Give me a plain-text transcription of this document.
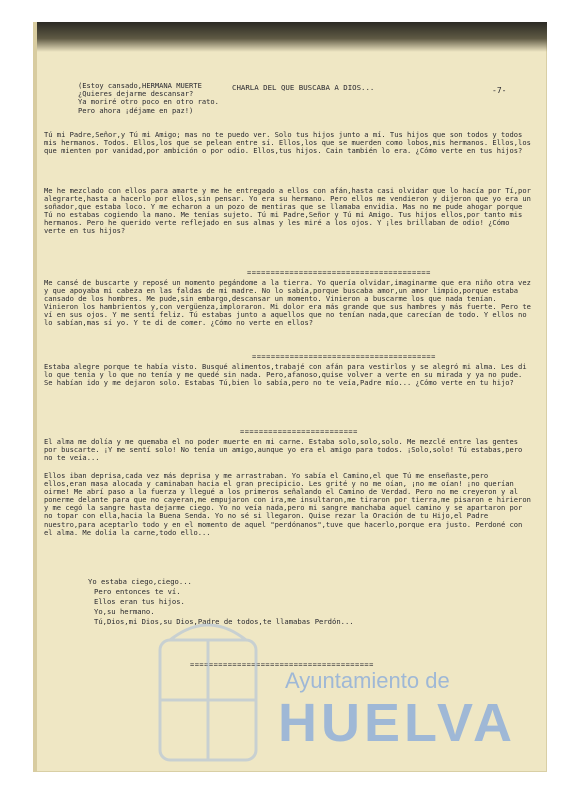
CHARLA DEL QUE BUSCABA A DIOS...	-7-
(Estoy cansado,HERMANA MUERTE
¿Quieres dejarme descansar?
Ya moriré otro poco en otro rato.
Pero ahora ¡déjame en paz!)
Tú mi Padre,Señor,y Tú mi Amigo; mas no te puedo ver. Solo tus hijos junto a mí. Tus hijos que son todos y todos mis hermanos. Todos. Ellos,los que se pelean entre sí. Ellos,los que se muerden como lobos,mis hermanos. Ellos,los que mienten por vanidad,por ambición o por odio. Ellos,tus hijos. Cain también lo era. ¿Cómo verte en tus hijos?
Me he mezclado con ellos para amarte y me he entregado a ellos con afán,hasta casi olvidar que lo hacía por Tí,por alegrarte,hasta a hacerlo por ellos,sin pensar. Yo era su hermano. Pero ellos me vendieron y dijeron que yo era un soñador,que estaba loco. Y me echaron a un pozo de mentiras que se llamaba envidia. Mas no me pude ahogar porque Tú no estabas cogiendo la mano. Me tenías sujeto. Tú mi Padre,Señor y Tú mi Amigo. Tus hijos ellos,por tanto mis hermanos. Pero he querido verte reflejado en sus almas y les miré a los ojos. Y ¡les brillaban de odio! ¿Cómo verte en tus hijos?
=======================================
Me cansé de buscarte y reposé un momento pegándome a la tierra. Yo quería olvidar,imaginarme que era niño otra vez y que apoyaba mi cabeza en las faldas de mi madre. No lo sabía,porque buscaba amor,un amor limpio,porque estaba cansado de los hombres. Me pude,sin embargo,descansar un momento. Vinieron a buscarme los que nada tenían. Vinieron los hambrientos y,con vergüenza,imploraron. Mi dolor era más grande que sus hambres y más fuerte. Pero te ví en sus ojos. Y me sentí feliz. Tú estabas junto a aquellos que no tenían nada,que carecían de todo. Y ellos no lo sabían,mas sí yo. Y te di de comer. ¿Cómo no verte en ellos?
=======================================
Estaba alegre porque te había visto. Busqué alimentos,trabajé con afán para vestirlos y se alegró mi alma. Les di lo que tenía y lo que no tenía y me quedé sin nada. Pero,afanoso,quise volver a verte en su mirada y ya no pude. Se habían ido y me dejaron solo. Estabas Tú,bien lo sabía,pero no te veía,Padre mío... ¿Cómo verte en tu hijo?
=========================
El alma me dolía y me quemaba el no poder muerte en mi carne. Estaba solo,solo,solo. Me mezclé entre las gentes por buscarte. ¡Y me sentí solo! No tenía un amigo,aunque yo era el amigo para todos. ¡Solo,solo! Tú estabas,pero no te veía...
Ellos iban deprisa,cada vez más deprisa y me arrastraban. Yo sabía el Camino,el que Tú me enseñaste,pero ellos,eran masa alocada y caminaban hacia el gran precipicio. Les grité y no me oían, ¡no me oían! ¡no querían oirme! Me abrí paso a la fuerza y llegué a los primeros señalando el Camino de Verdad. Pero no me creyeron y al ponerme delante para que no cayeran,me empujaron con ira,me insultaron,me tiraron por tierra,me pisaron e hirieron y me cegó la sangre hasta dejarme ciego. Yo no veía nada,pero mi sangre manchaba aquel camino y se apartaron por no topar con ella,hacia la Buena Senda. Yo no sé si llegaron. Quise rezar la Oración de tu Hijo,el Padre nuestro,para aceptarlo todo y en el momento de aquel "perdónanos",tuve que hacerlo,porque era justo. Perdoné con el alma. Me dolía la carne,todo ello...
Yo estaba ciego,ciego...
Pero entonces te ví.
Ellos eran tus hijos.
Yo,su hermano.
Tú,Dios,mi Dios,su Dios,Padre de todos,te llamabas Perdón...
=======================================
Ayuntamiento de
HUELVA
